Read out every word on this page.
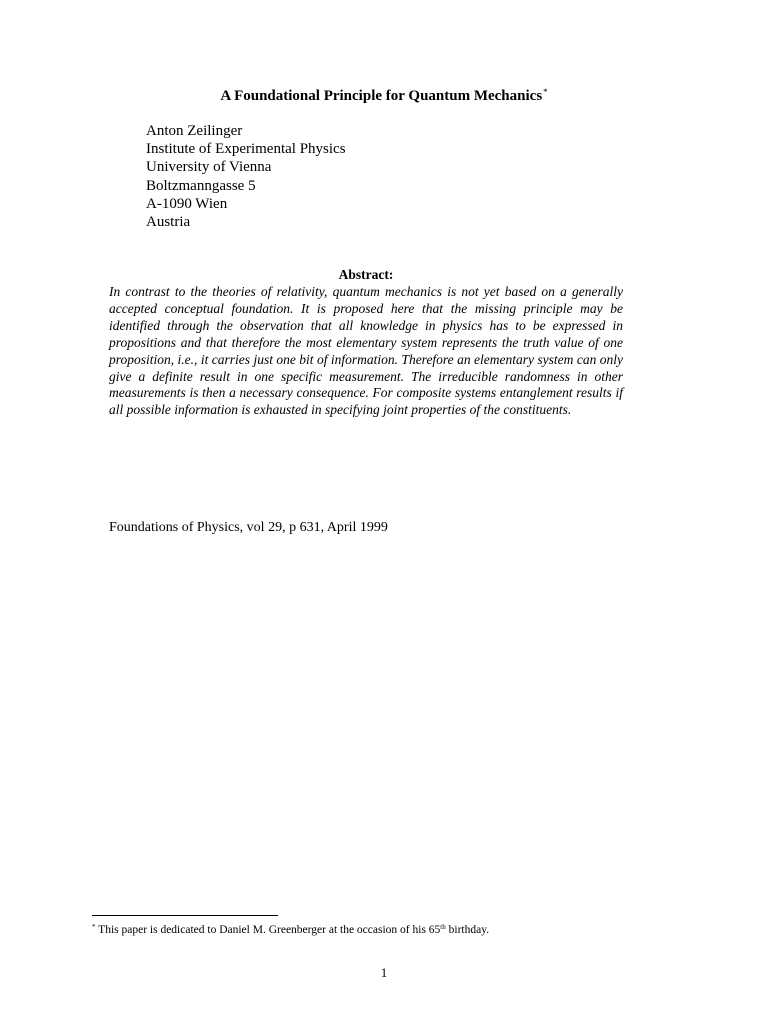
A Foundational Principle for Quantum Mechanics*
Anton Zeilinger
Institute of Experimental Physics
University of Vienna
Boltzmanngasse 5
A-1090 Wien
Austria
Abstract:
In contrast to the theories of relativity, quantum mechanics is not yet based on a generally accepted conceptual foundation. It is proposed here that the missing principle may be identified through the observation that all knowledge in physics has to be expressed in propositions and that therefore the most elementary system represents the truth value of one proposition, i.e., it carries just one bit of information. Therefore an elementary system can only give a definite result in one specific measurement. The irreducible randomness in other measurements is then a necessary consequence. For composite systems entanglement results if all possible information is exhausted in specifying joint properties of the constituents.
Foundations of Physics, vol 29, p 631, April 1999
* This paper is dedicated to Daniel M. Greenberger at the occasion of his 65th birthday.
1
